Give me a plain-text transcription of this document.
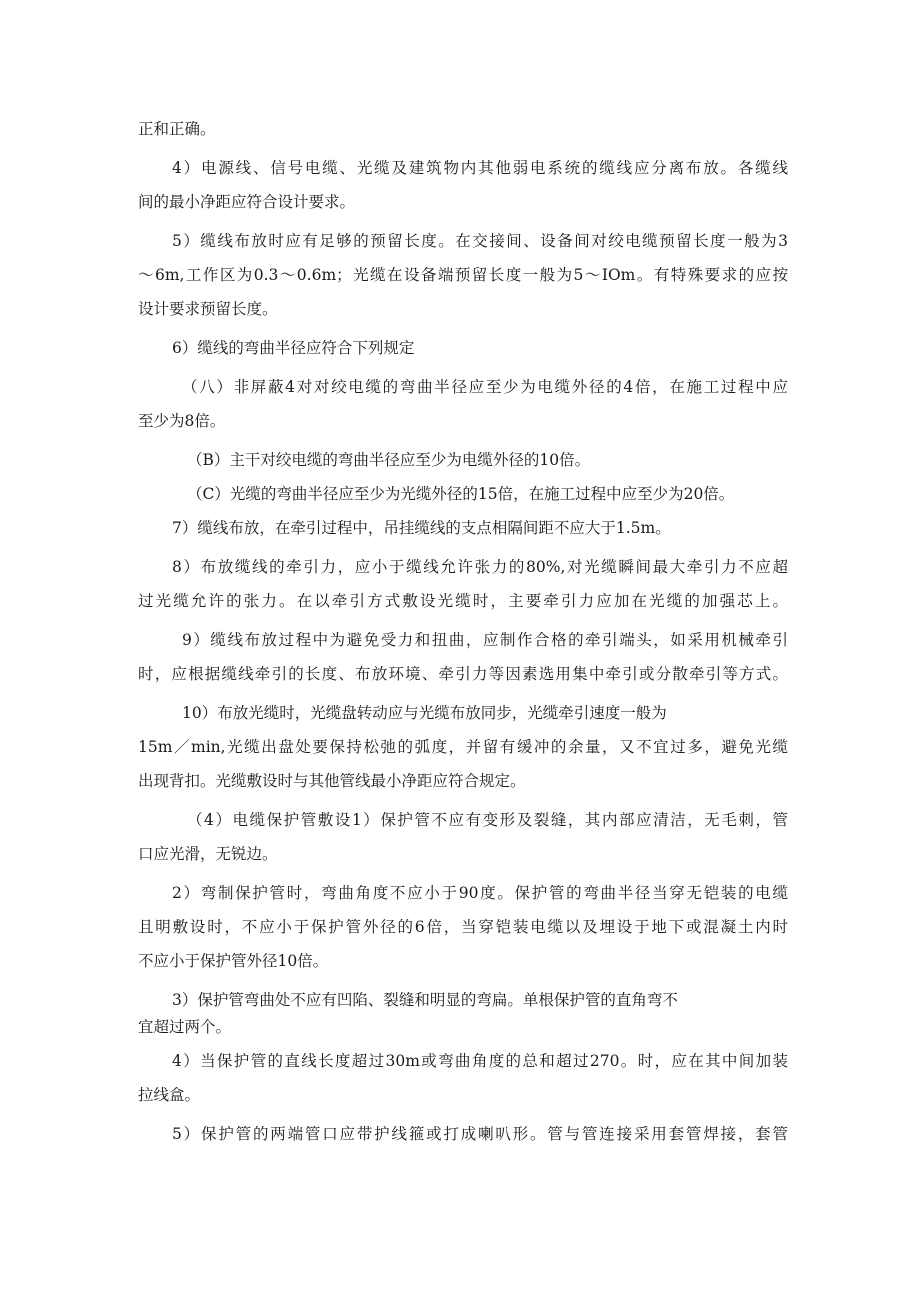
正和正确。
4）电源线、信号电缆、光缆及建筑物内其他弱电系统的缆线应分离布放。各缆线
间的最小净距应符合设计要求。
5）缆线布放时应有足够的预留长度。在交接间、设备间对绞电缆预留长度一般为3
～6m,工作区为0.3～0.6m；光缆在设备端预留长度一般为5～IOm。有特殊要求的应按
设计要求预留长度。
6）缆线的弯曲半径应符合下列规定
（八）非屏蔽4对对绞电缆的弯曲半径应至少为电缆外径的4倍，在施工过程中应
至少为8倍。
（B）主干对绞电缆的弯曲半径应至少为电缆外径的10倍。
（C）光缆的弯曲半径应至少为光缆外径的15倍，在施工过程中应至少为20倍。
7）缆线布放，在牵引过程中，吊挂缆线的支点相隔间距不应大于1.5m。
8）布放缆线的牵引力，应小于缆线允许张力的80%,对光缆瞬间最大牵引力不应超
过光缆允许的张力。在以牵引方式敷设光缆时，主要牵引力应加在光缆的加强芯上。
9）缆线布放过程中为避免受力和扭曲，应制作合格的牵引端头，如采用机械牵引
时，应根据缆线牵引的长度、布放环境、牵引力等因素选用集中牵引或分散牵引等方式。
10）布放光缆时，光缆盘转动应与光缆布放同步，光缆牵引速度一般为
15m／min,光缆出盘处要保持松弛的弧度，并留有缓冲的余量，又不宜过多，避免光缆
出现背扣。光缆敷设时与其他管线最小净距应符合规定。
（4）电缆保护管敷设1）保护管不应有变形及裂缝，其内部应清洁，无毛刺，管
口应光滑，无锐边。
2）弯制保护管时，弯曲角度不应小于90度。保护管的弯曲半径当穿无铠装的电缆
且明敷设时，不应小于保护管外径的6倍，当穿铠装电缆以及埋设于地下或混凝土内时
不应小于保护管外径10倍。
3）保护管弯曲处不应有凹陷、裂缝和明显的弯扁。单根保护管的直角弯不
宜超过两个。
4）当保护管的直线长度超过30m或弯曲角度的总和超过270。时，应在其中间加装
拉线盒。
5）保护管的两端管口应带护线箍或打成喇叭形。管与管连接采用套管焊接，套管
